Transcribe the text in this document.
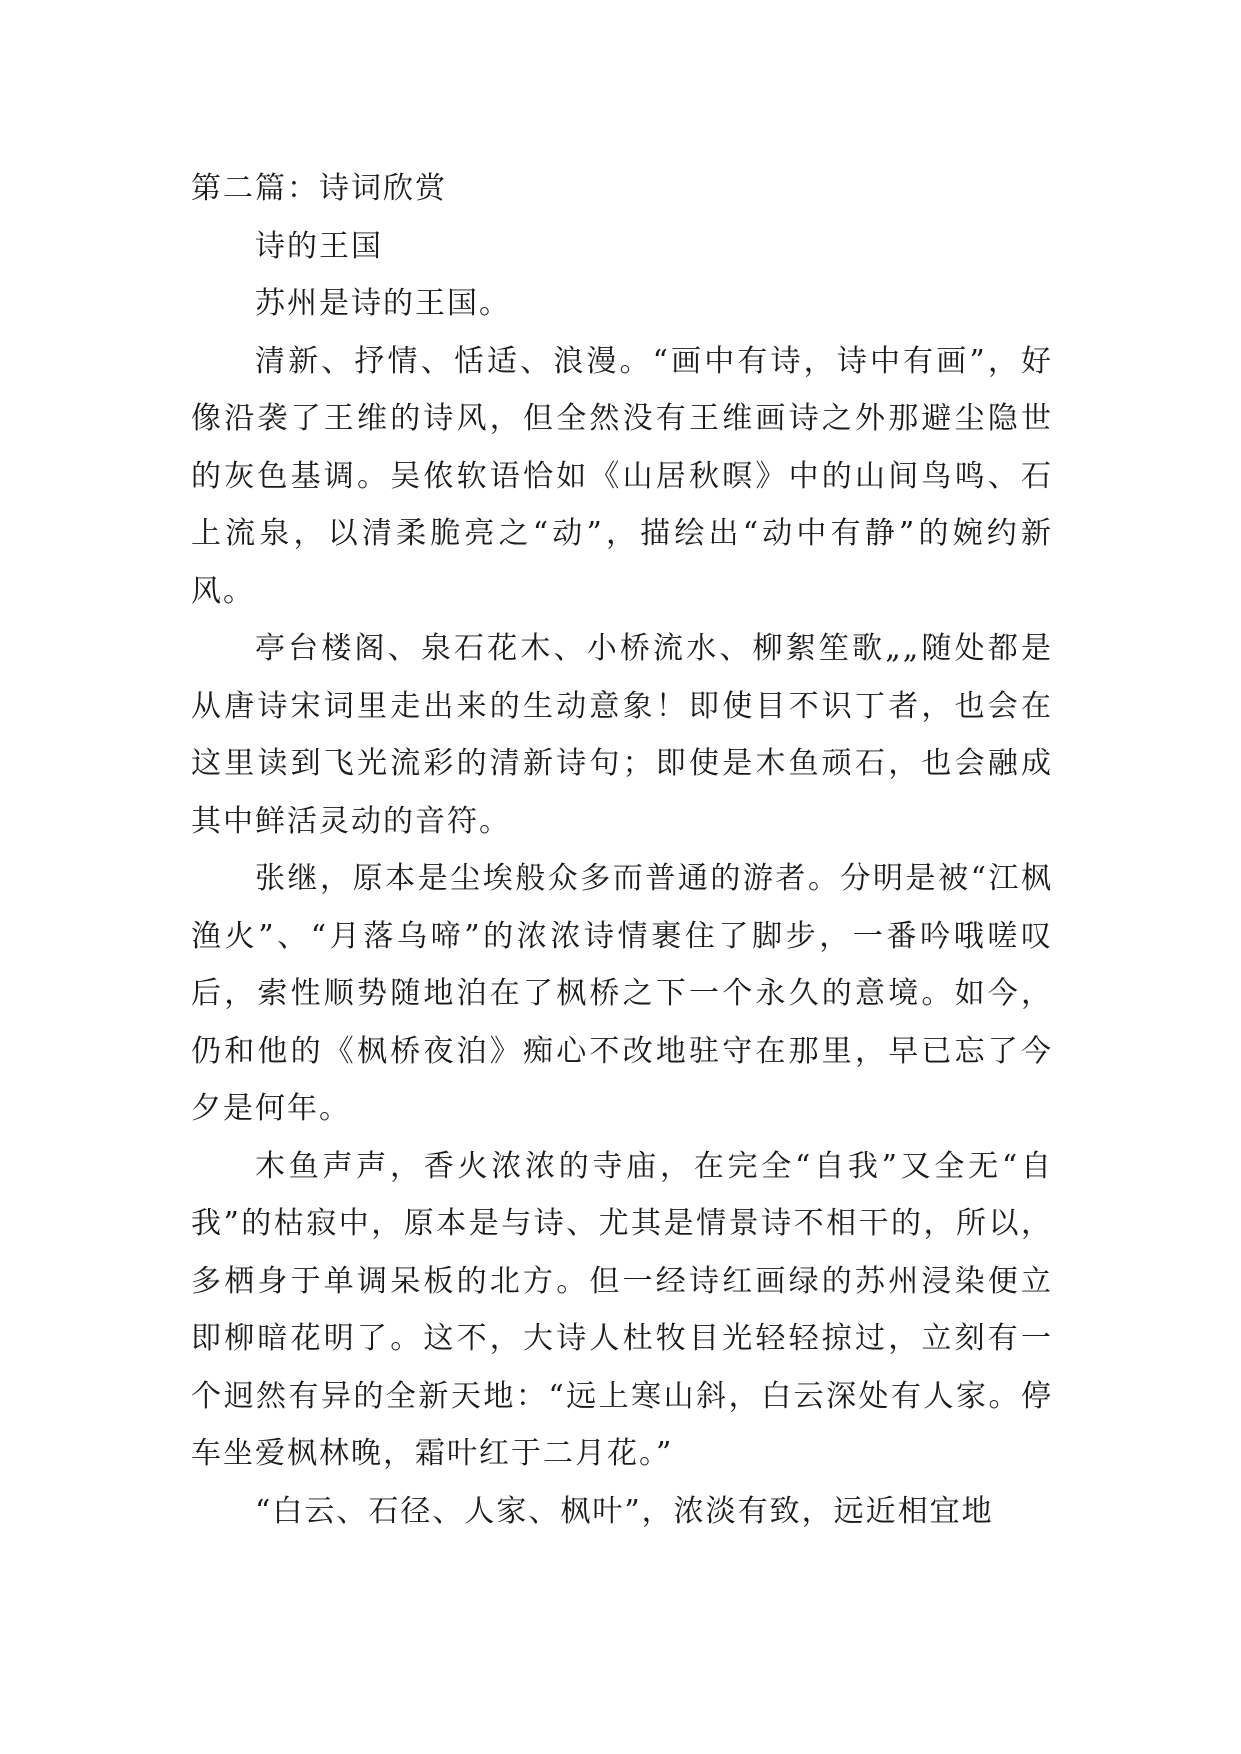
第二篇：诗词欣赏

诗的王国

苏州是诗的王国。

清新、抒情、恬适、浪漫。“画中有诗，诗中有画”，好像沿袭了王维的诗风，但全然没有王维画诗之外那避尘隐世的灰色基调。吴侬软语恰如《山居秋暝》中的山间鸟鸣、石上流泉，以清柔脆亮之“动”，描绘出“动中有静”的婉约新风。

亭台楼阁、泉石花木、小桥流水、柳絮笙歌„„随处都是从唐诗宋词里走出来的生动意象！即使目不识丁者，也会在这里读到飞光流彩的清新诗句；即使是木鱼顽石，也会融成其中鲜活灵动的音符。

张继，原本是尘埃般众多而普通的游者。分明是被“江枫渔火”、“月落乌啼”的浓浓诗情裹住了脚步，一番吟哦嗟叹后，索性顺势随地泊在了枫桥之下一个永久的意境。如今，仍和他的《枫桥夜泊》痴心不改地驻守在那里，早已忘了今夕是何年。

木鱼声声，香火浓浓的寺庙，在完全“自我”又全无“自我”的枯寂中，原本是与诗、尤其是情景诗不相干的，所以，多栖身于单调呆板的北方。但一经诗红画绿的苏州浸染便立即柳暗花明了。这不，大诗人杜牧目光轻轻掠过，立刻有一个迥然有异的全新天地：“远上寒山斜，白云深处有人家。停车坐爱枫林晚，霜叶红于二月花。”

“白云、石径、人家、枫叶”，浓淡有致，远近相宜地
